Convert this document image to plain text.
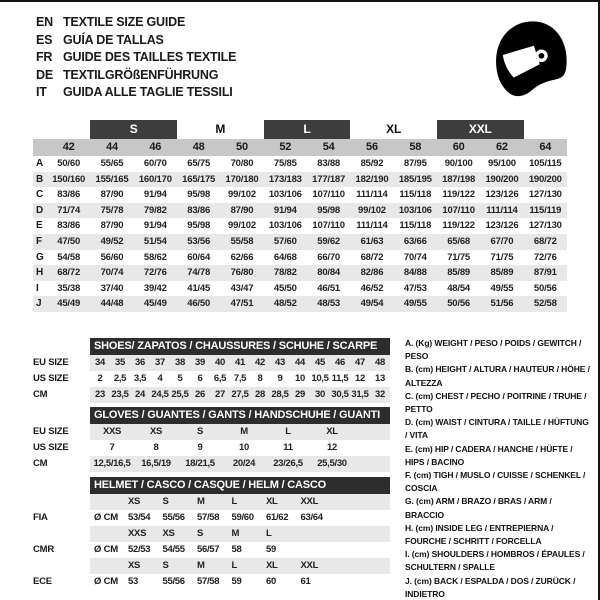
EN TEXTILE SIZE GUIDE
ES GUÍA DE TALLAS
FR GUIDE DES TAILLES TEXTILE
DE TEXTILGRÖßENFÜHRUNG
IT	GUIDA ALLE TAGLIE TESSILI
		S		M		L		XL		XXL		
	42	44	46	48	50	52	54	56	58	60	62	64
A	50/60	55/65	60/70	65/75	70/80	75/85	83/88	85/92	87/95	90/100	95/100	105/115
B	150/160	155/165	160/170	165/175	170/180	173/183	177/187	182/190	185/195	187/198	190/200	190/200
C	83/86	87/90	91/94	95/98	99/102	103/106	107/110	111/114	115/118	119/122	123/126	127/130
D	71/74	75/78	79/82	83/86	87/90	91/94	95/98	99/102	103/106	107/110	111/114	115/119
E	83/86	87/90	91/94	95/98	99/102	103/106	107/110	111/114	115/118	119/122	123/126	127/130
F	47/50	49/52	51/54	53/56	55/58	57/60	59/62	61/63	63/66	65/68	67/70	68/72
G	54/58	56/60	58/62	60/64	62/66	64/68	66/70	68/72	70/74	71/75	71/75	72/76
H	68/72	70/74	72/76	74/78	76/80	78/82	80/84	82/86	84/88	85/89	85/89	87/91
I	35/38	37/40	39/42	41/45	43/47	45/50	46/51	46/52	47/53	48/54	49/55	50/56
J	45/49	44/48	45/49	46/50	47/51	48/52	48/53	49/54	49/55	50/56	51/56	52/58
SHOES/ ZAPATOS / CHAUSSURES / SCHUHE / SCARPE
EU SIZE	34	35	36	37	38	39	40	41	42	43	44	45	46	47	48
US SIZE	2	2,5 3,5	4	5	6	6,5 7,5	8	9	10 10,5 11,5 12	13
CM	23 23,5 24 24,5 25,5 26	27 27,5 28 28,5 29	30 30,5 31,5 32
GLOVES / GUANTES / GANTS / HANDSCHUHE / GUANTI
EU SIZE	XXS	XS	S	M	L	XL
US SIZE	7	8	9	10	11	12
CM	12,5/16,5	16,5/19	18/21,5	20/24	23/26,5	25,5/30
HELMET / CASCO / CASQUE / HELM / CASCO
XS	S	M	L	XL	XXL
FIA	Ø CM	53/54	55/56	57/58	59/60	61/62	63/64
XXS	XS	S	M	L
CMR	Ø CM	52/53	54/55	56/57	58	59
XS	S	M	L	XL	XXL
ECE	Ø CM	53	55/56	57/58	59	60	61
A. (Kg) WEIGHT / PESO / POIDS / GEWITCH / PESO
B. (cm) HEIGHT / ALTURA / HAUTEUR / HÖHE / ALTEZZA
C. (cm) CHEST / PECHO / POITRINE / TRUHE / PETTO
D. (cm) WAIST / CINTURA / TAILLE / HÜFTUNG / VITA
E. (cm) HIP / CADERA / HANCHE / HÜFTE / HIPS / BACINO
F. (cm) TIGH / MUSLO / CUISSE / SCHENKEL / COSCIA
G. (cm) ARM / BRAZO / BRAS / ARM / BRACCIO
H. (cm) INSIDE LEG / ENTREPIERNA / FOURCHE / SCHRITT / FORCELLA
I. (cm) SHOULDERS / HOMBROS / ÉPAULES / SCHULTERN / SPALLE
J. (cm) BACK / ESPALDA / DOS / ZURÜCK / INDIETRO
